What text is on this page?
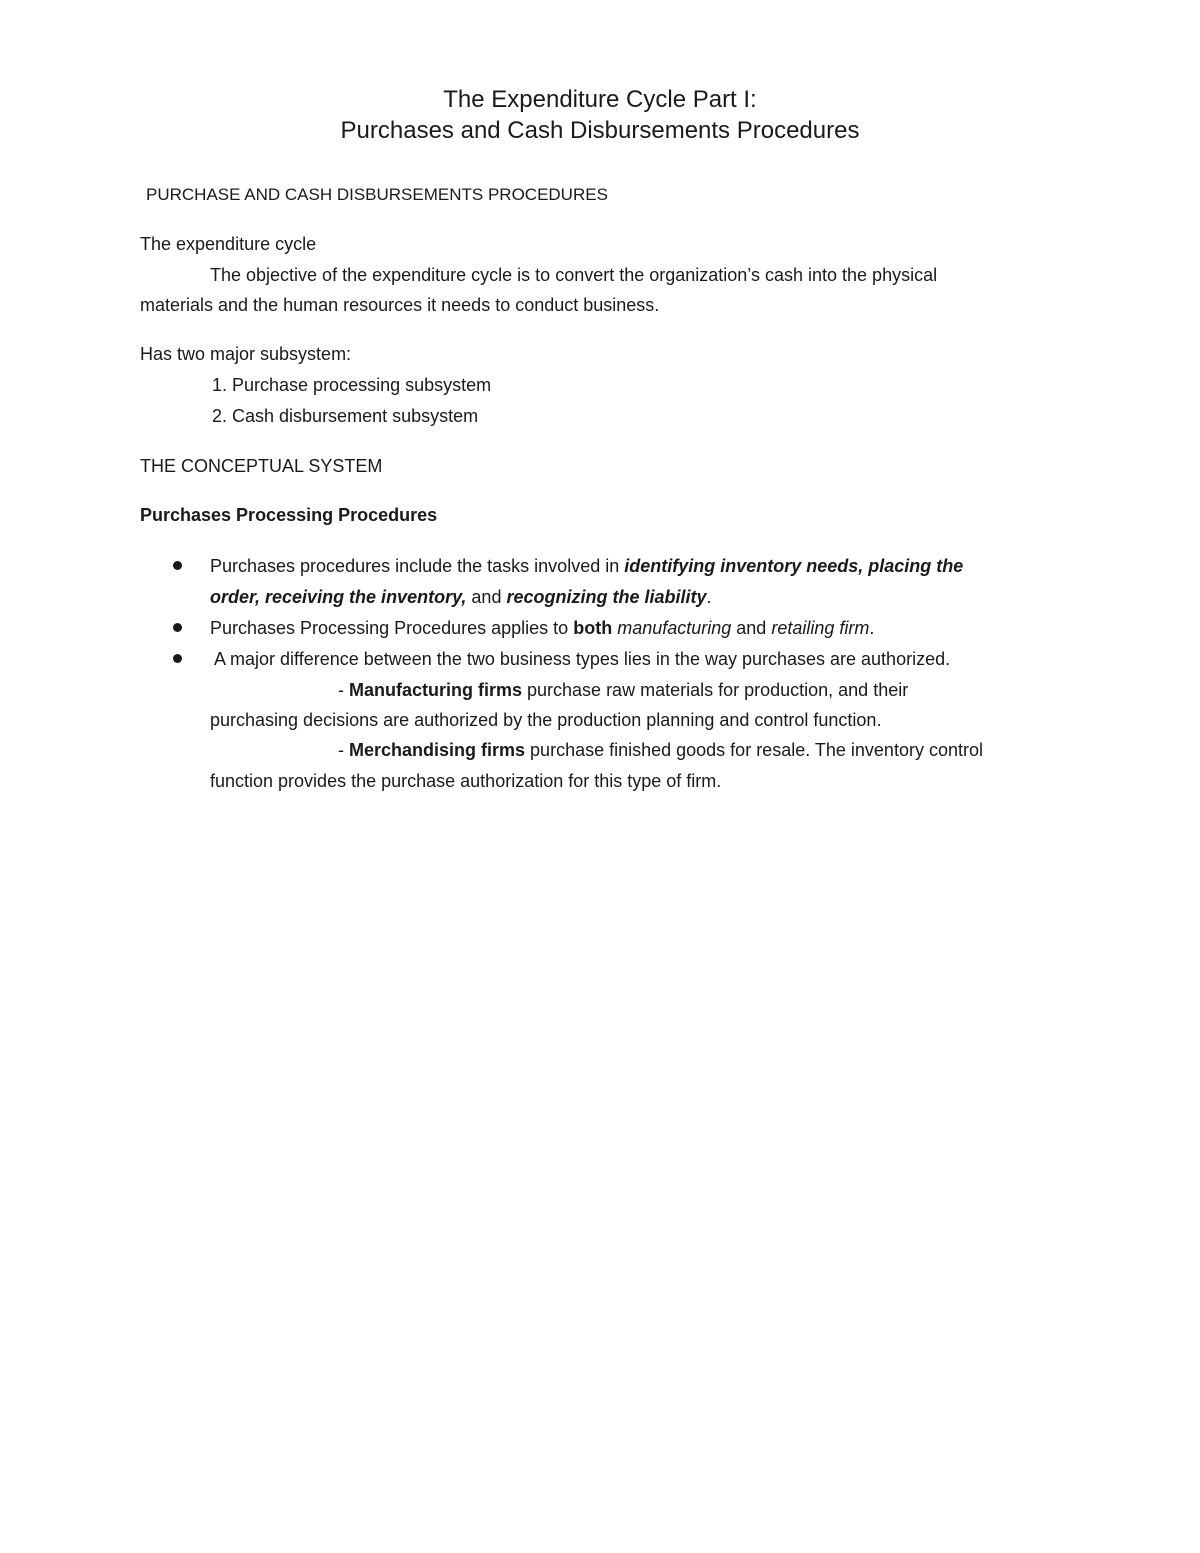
The Expenditure Cycle Part I:
Purchases and Cash Disbursements Procedures
PURCHASE AND CASH DISBURSEMENTS PROCEDURES
The expenditure cycle
The objective of the expenditure cycle is to convert the organization’s cash into the physical
materials and the human resources it needs to conduct business.
Has two major subsystem:
1. Purchase processing subsystem
2. Cash disbursement subsystem
THE CONCEPTUAL SYSTEM
Purchases Processing Procedures
Purchases procedures include the tasks involved in identifying inventory needs, placing the
order, receiving the inventory, and recognizing the liability.
Purchases Processing Procedures applies to both manufacturing and retailing firm.
A major difference between the two business types lies in the way purchases are authorized.
- Manufacturing firms purchase raw materials for production, and their
purchasing decisions are authorized by the production planning and control function.
- Merchandising firms purchase finished goods for resale. The inventory control
function provides the purchase authorization for this type of firm.
